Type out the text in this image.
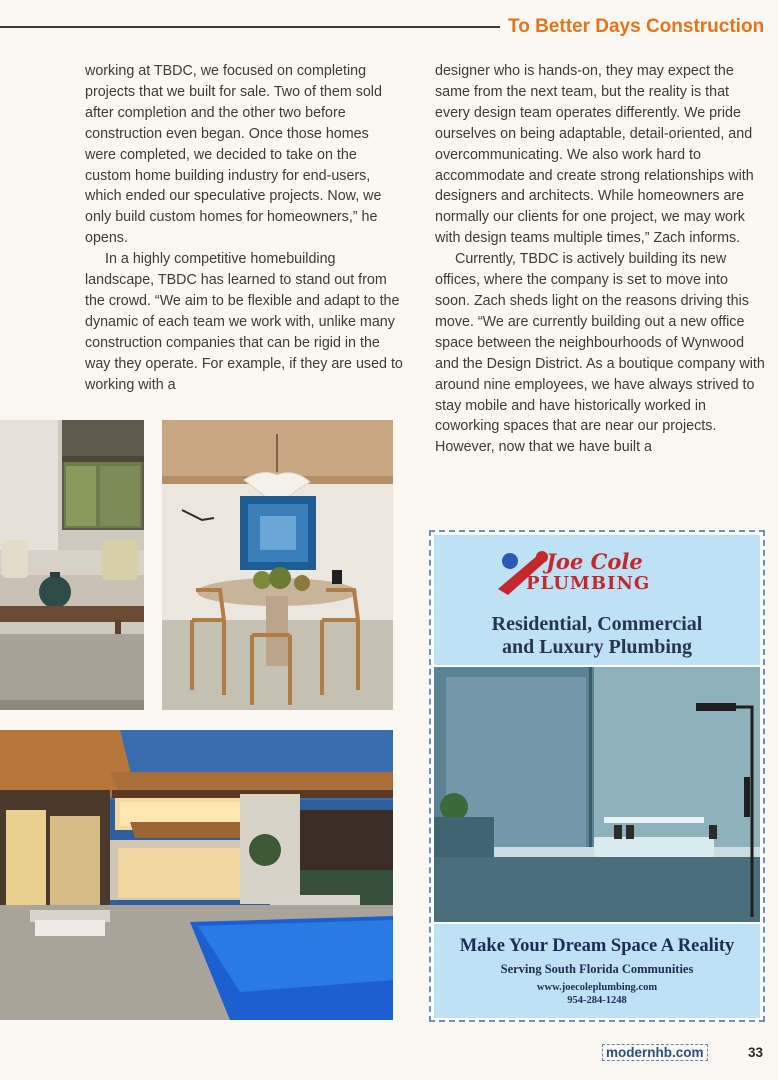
To Better Days Construction

working at TBDC, we focused on completing projects that we built for sale. Two of them sold after completion and the other two before construction even began. Once those homes were completed, we decided to take on the custom home building industry for end-users, which ended our speculative projects. Now, we only build custom homes for homeowners,” he opens.

In a highly competitive homebuilding landscape, TBDC has learned to stand out from the crowd. “We aim to be flexible and adapt to the dynamic of each team we work with, unlike many construction companies that can be rigid in the way they operate. For example, if they are used to working with a

designer who is hands-on, they may expect the same from the next team, but the reality is that every design team operates differently. We pride ourselves on being adaptable, detail-oriented, and overcommunicating. We also work hard to accommodate and create strong relationships with designers and architects. While homeowners are normally our clients for one project, we may work with design teams multiple times,” Zach informs.

Currently, TBDC is actively building its new offices, where the company is set to move into soon. Zach sheds light on the reasons driving this move. “We are currently building out a new office space between the neighbourhoods of Wynwood and the Design District. As a boutique company with around nine employees, we have always strived to stay mobile and have historically worked in coworking spaces that are near our projects. However, now that we have built a

Joe Cole
PLUMBING
Residential, Commercial
and Luxury Plumbing
Make Your Dream Space A Reality
Serving South Florida Communities
www.joecoleplumbing.com
954-284-1248
modernhb.com	33
